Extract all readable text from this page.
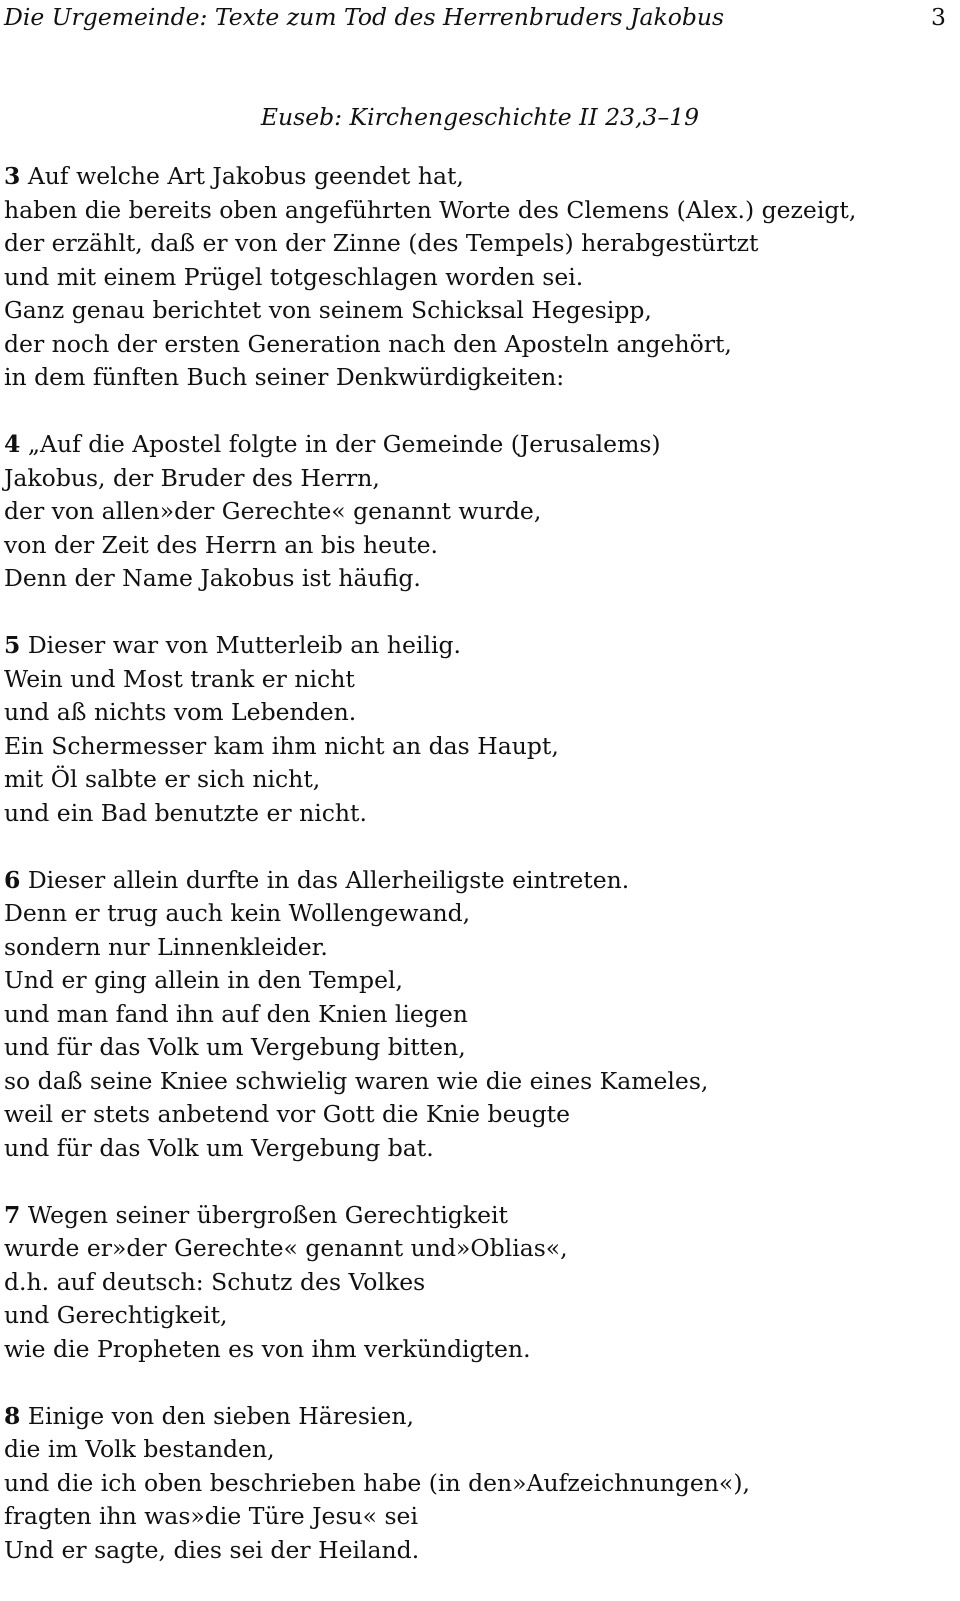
Die Urgemeinde: Texte zum Tod des Herrenbruders Jakobus	3
Euseb: Kirchengeschichte II 23,3–19
3 Auf welche Art Jakobus geendet hat,
haben die bereits oben angeführten Worte des Clemens (Alex.) gezeigt,
der erzählt, daß er von der Zinne (des Tempels) herabgestürtzt
und mit einem Prügel totgeschlagen worden sei.
Ganz genau berichtet von seinem Schicksal Hegesipp,
der noch der ersten Generation nach den Aposteln angehört,
in dem fünften Buch seiner Denkwürdigkeiten:
4 „Auf die Apostel folgte in der Gemeinde (Jerusalems)
Jakobus, der Bruder des Herrn,
der von allen»der Gerechte« genannt wurde,
von der Zeit des Herrn an bis heute.
Denn der Name Jakobus ist häufig.
5 Dieser war von Mutterleib an heilig.
Wein und Most trank er nicht
und aß nichts vom Lebenden.
Ein Schermesser kam ihm nicht an das Haupt,
mit Öl salbte er sich nicht,
und ein Bad benutzte er nicht.
6 Dieser allein durfte in das Allerheiligste eintreten.
Denn er trug auch kein Wollengewand,
sondern nur Linnenkleider.
Und er ging allein in den Tempel,
und man fand ihn auf den Knien liegen
und für das Volk um Vergebung bitten,
so daß seine Kniee schwielig waren wie die eines Kameles,
weil er stets anbetend vor Gott die Knie beugte
und für das Volk um Vergebung bat.
7 Wegen seiner übergroßen Gerechtigkeit
wurde er»der Gerechte« genannt und»Oblias«,
d.h. auf deutsch: Schutz des Volkes
und Gerechtigkeit,
wie die Propheten es von ihm verkündigten.
8 Einige von den sieben Häresien,
die im Volk bestanden,
und die ich oben beschrieben habe (in den»Aufzeichnungen«),
fragten ihn was»die Türe Jesu« sei
Und er sagte, dies sei der Heiland.
